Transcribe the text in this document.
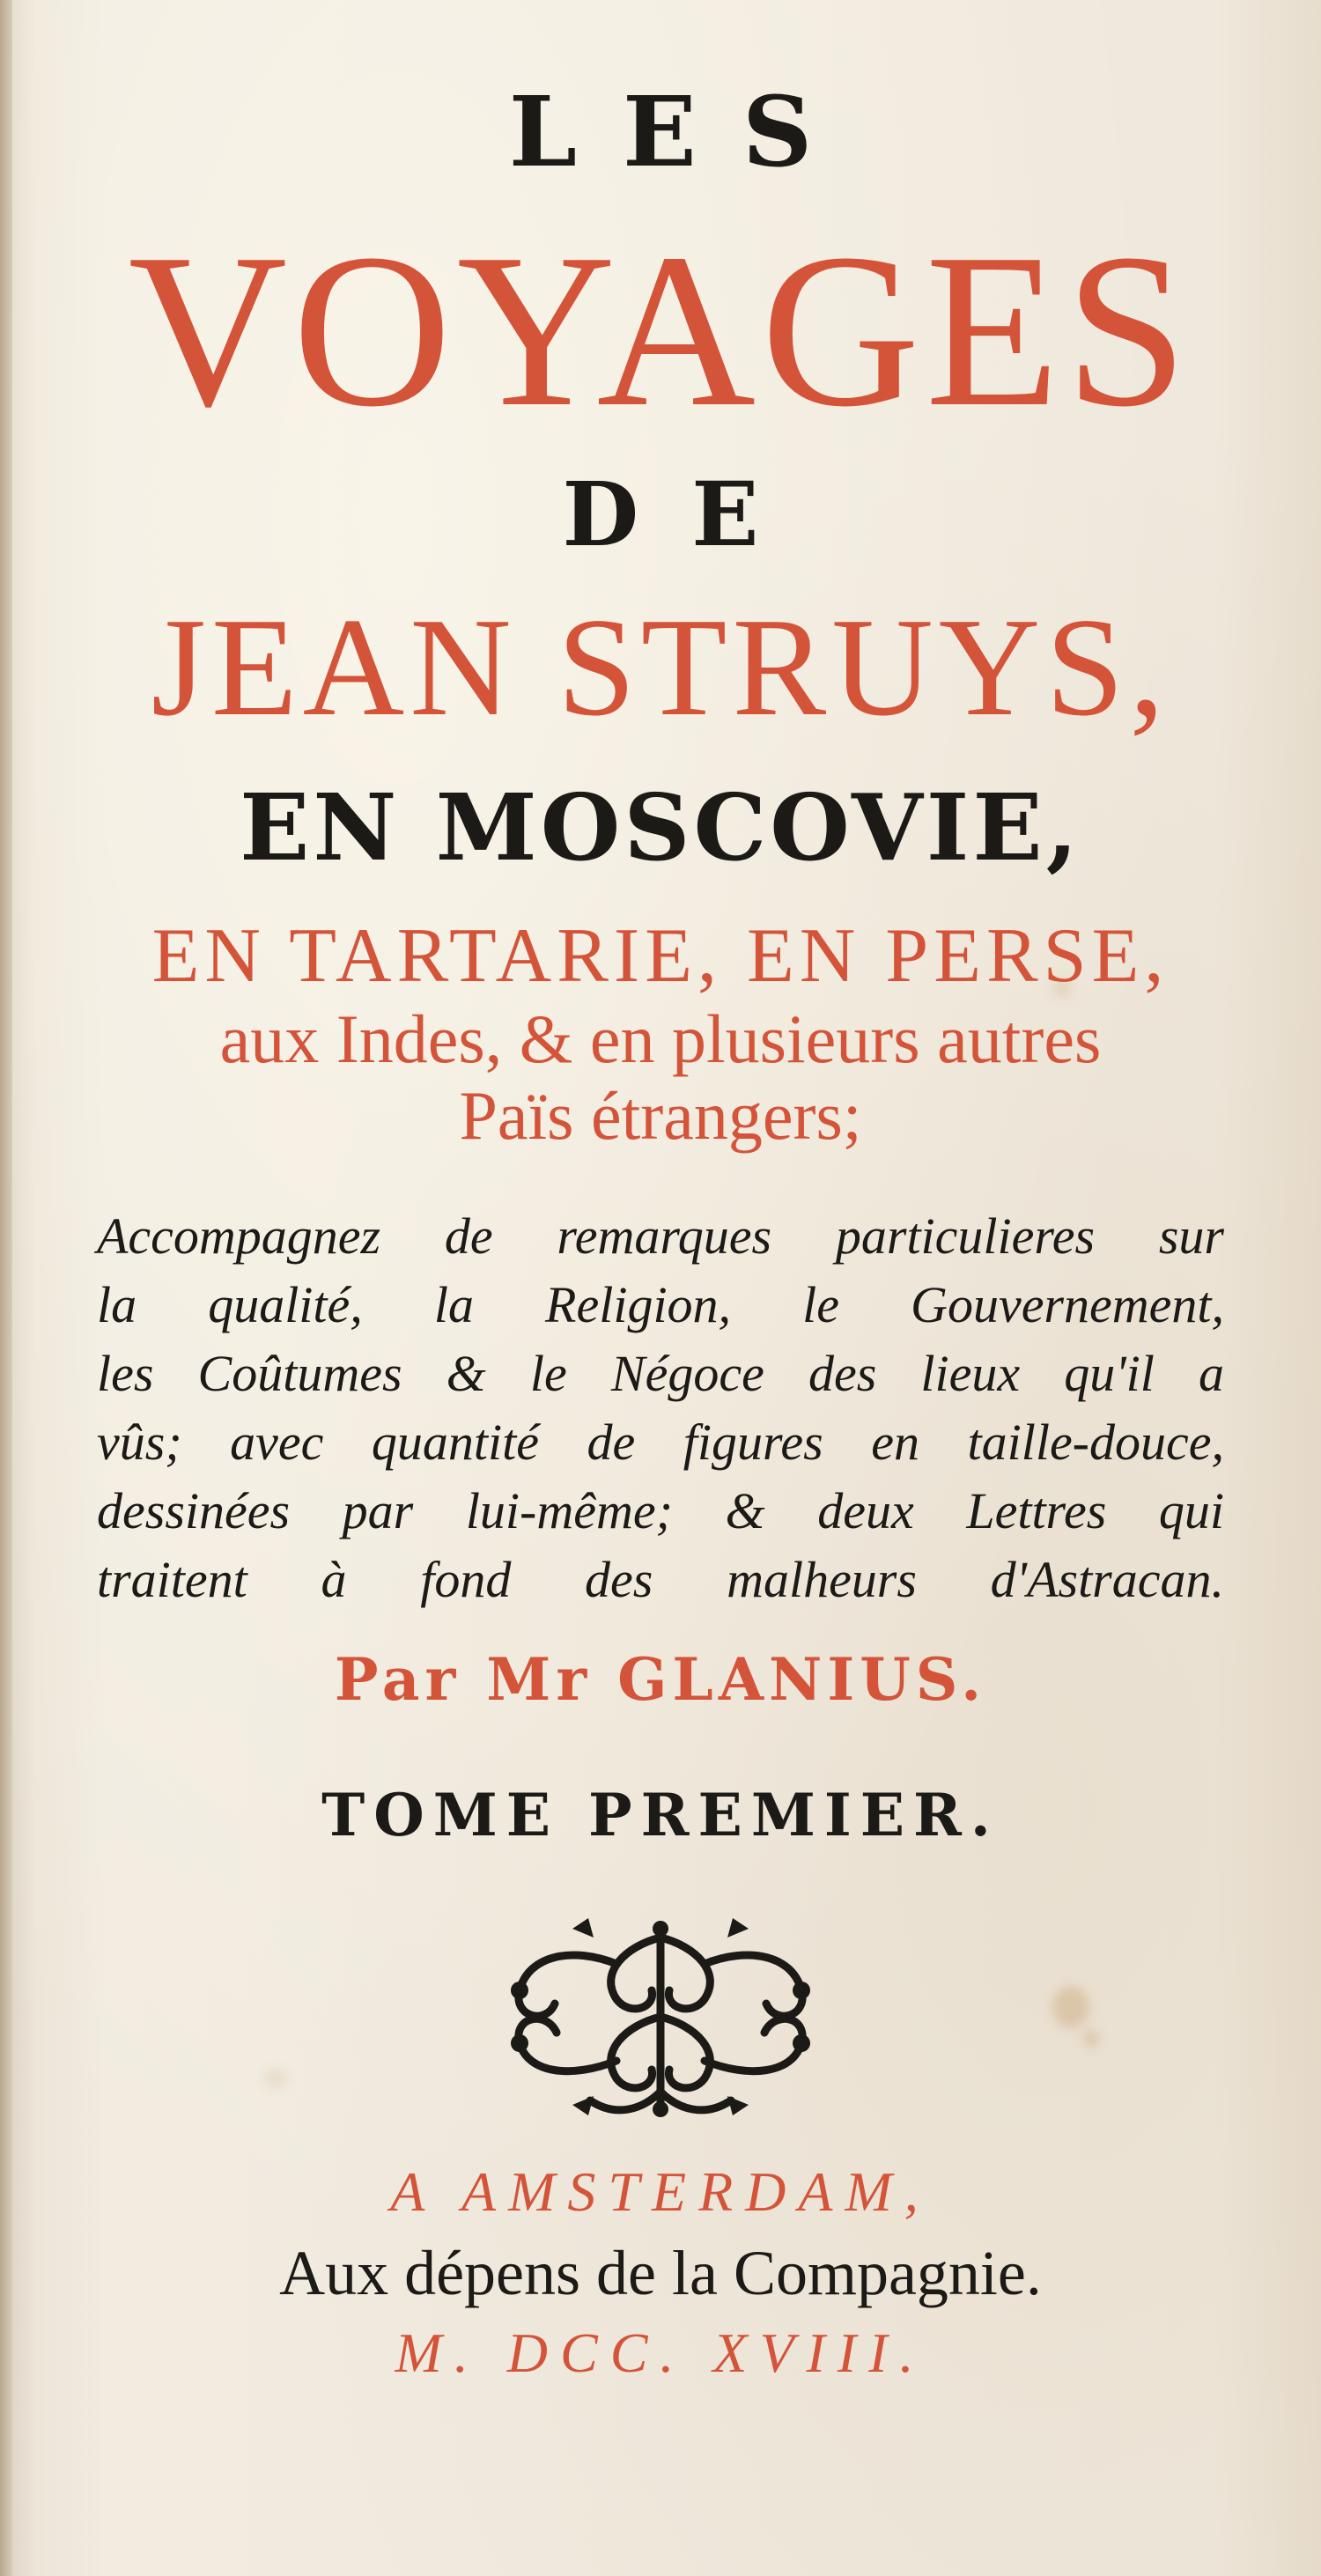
LES
VOYAGES
DE
JEAN STRUYS,
EN MOSCOVIE,
EN TARTARIE, EN PERSE,
aux Indes, & en plusieurs autres
Païs étrangers;
Accompagnez de remarques particulieres sur
la qualité, la Religion, le Gouvernement,
les Coûtumes & le Négoce des lieux qu'il a
vûs; avec quantité de figures en taille-douce,
dessinées par lui-même; & deux Lettres qui
traitent à fond des malheurs d'Astracan.
Par Mr GLANIUS.
TOME PREMIER.
A AMSTERDAM,
Aux dépens de la Compagnie.
M. DCC. XVIII.
